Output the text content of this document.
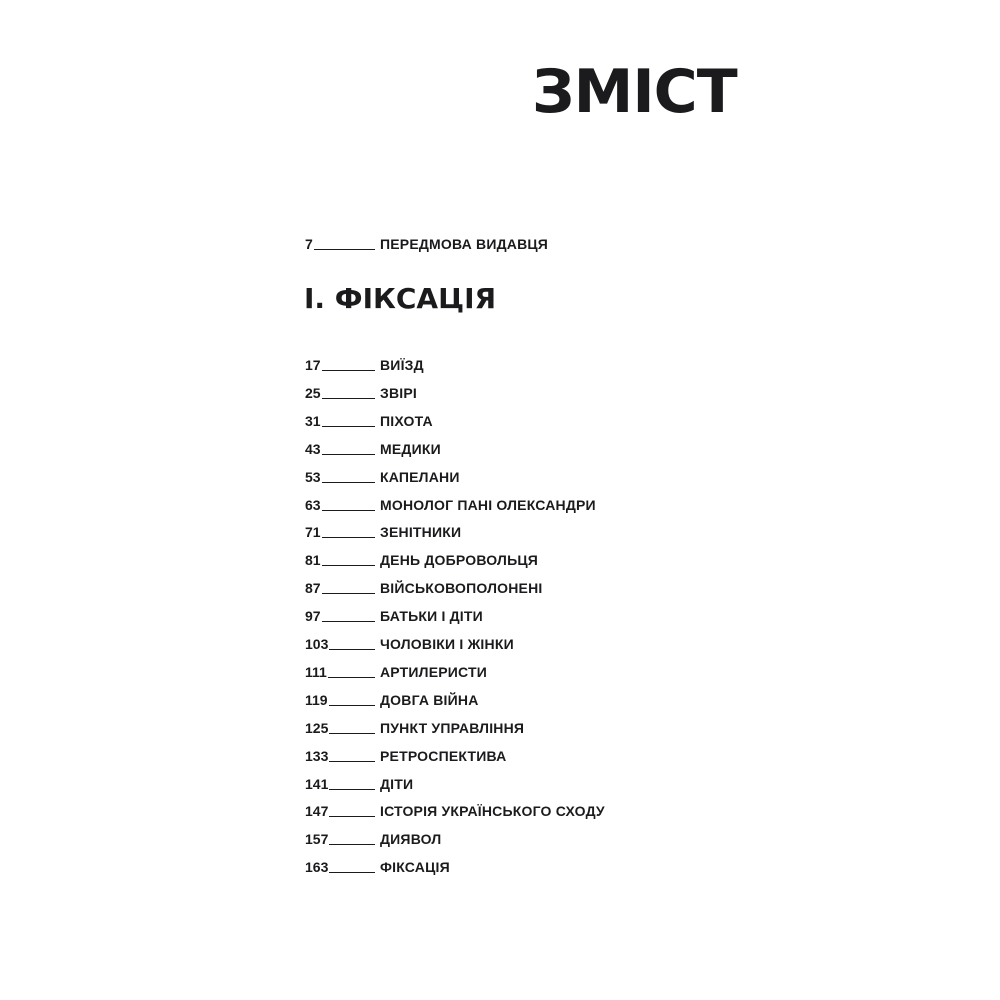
ЗМІСТ
7	ПЕРЕДМОВА ВИДАВЦЯ
І. ФІКСАЦІЯ
17	ВИЇЗД
25	ЗВІРІ
31	ПІХОТА
43	МЕДИКИ
53	КАПЕЛАНИ
63	МОНОЛОГ ПАНІ ОЛЕКСАНДРИ
71	ЗЕНІТНИКИ
81	ДЕНЬ ДОБРОВОЛЬЦЯ
87	ВІЙСЬКОВОПОЛОНЕНІ
97	БАТЬКИ І ДІТИ
103	ЧОЛОВІКИ І ЖІНКИ
111	АРТИЛЕРИСТИ
119	ДОВГА ВІЙНА
125	ПУНКТ УПРАВЛІННЯ
133	РЕТРОСПЕКТИВА
141	ДІТИ
147	ІСТОРІЯ УКРАЇНСЬКОГО СХОДУ
157	ДИЯВОЛ
163	ФІКСАЦІЯ
